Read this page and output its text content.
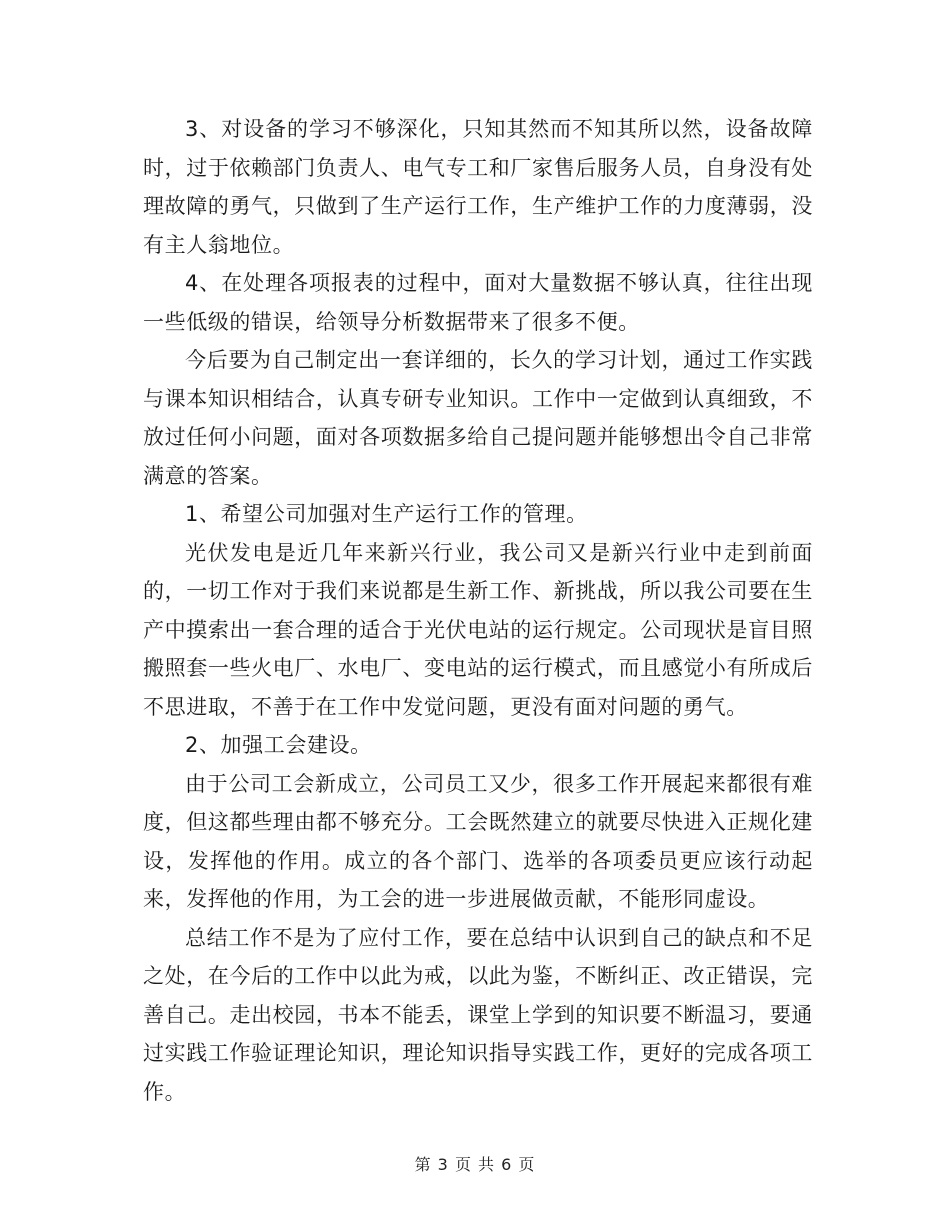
3、对设备的学习不够深化，只知其然而不知其所以然，设备故障时，过于依赖部门负责人、电气专工和厂家售后服务人员，自身没有处理故障的勇气，只做到了生产运行工作，生产维护工作的力度薄弱，没有主人翁地位。

4、在处理各项报表的过程中，面对大量数据不够认真，往往出现一些低级的错误，给领导分析数据带来了很多不便。

今后要为自己制定出一套详细的，长久的学习计划，通过工作实践与课本知识相结合，认真专研专业知识。工作中一定做到认真细致，不放过任何小问题，面对各项数据多给自己提问题并能够想出令自己非常满意的答案。

1、希望公司加强对生产运行工作的管理。

光伏发电是近几年来新兴行业，我公司又是新兴行业中走到前面的，一切工作对于我们来说都是生新工作、新挑战，所以我公司要在生产中摸索出一套合理的适合于光伏电站的运行规定。公司现状是盲目照搬照套一些火电厂、水电厂、变电站的运行模式，而且感觉小有所成后不思进取，不善于在工作中发觉问题，更没有面对问题的勇气。

2、加强工会建设。

由于公司工会新成立，公司员工又少，很多工作开展起来都很有难度，但这都些理由都不够充分。工会既然建立的就要尽快进入正规化建设，发挥他的作用。成立的各个部门、选举的各项委员更应该行动起来，发挥他的作用，为工会的进一步进展做贡献，不能形同虚设。

总结工作不是为了应付工作，要在总结中认识到自己的缺点和不足之处，在今后的工作中以此为戒，以此为鉴，不断纠正、改正错误，完善自己。走出校园，书本不能丢，课堂上学到的知识要不断温习，要通过实践工作验证理论知识，理论知识指导实践工作，更好的完成各项工作。

第 3 页 共 6 页
